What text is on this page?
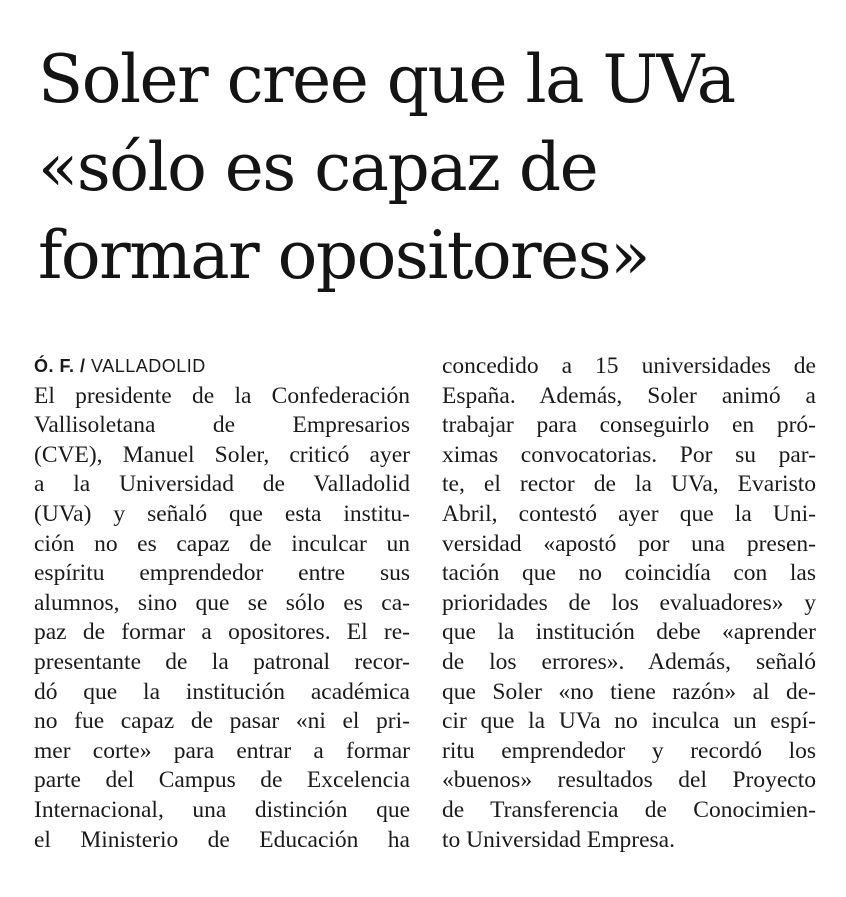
Soler cree que la UVa
«sólo es capaz de
formar opositores»
Ó. F. / VALLADOLID
El presidente de la Confederación
Vallisoletana de Empresarios
(CVE), Manuel Soler, criticó ayer
a la Universidad de Valladolid
(UVa) y señaló que esta institu-
ción no es capaz de inculcar un
espíritu emprendedor entre sus
alumnos, sino que se sólo es ca-
paz de formar a opositores. El re-
presentante de la patronal recor-
dó que la institución académica
no fue capaz de pasar «ni el pri-
mer corte» para entrar a formar
parte del Campus de Excelencia
Internacional, una distinción que
el Ministerio de Educación ha
concedido a 15 universidades de
España. Además, Soler animó a
trabajar para conseguirlo en pró-
ximas convocatorias. Por su par-
te, el rector de la UVa, Evaristo
Abril, contestó ayer que la Uni-
versidad «apostó por una presen-
tación que no coincidía con las
prioridades de los evaluadores» y
que la institución debe «aprender
de los errores». Además, señaló
que Soler «no tiene razón» al de-
cir que la UVa no inculca un espí-
ritu emprendedor y recordó los
«buenos» resultados del Proyecto
de Transferencia de Conocimien-
to Universidad Empresa.
